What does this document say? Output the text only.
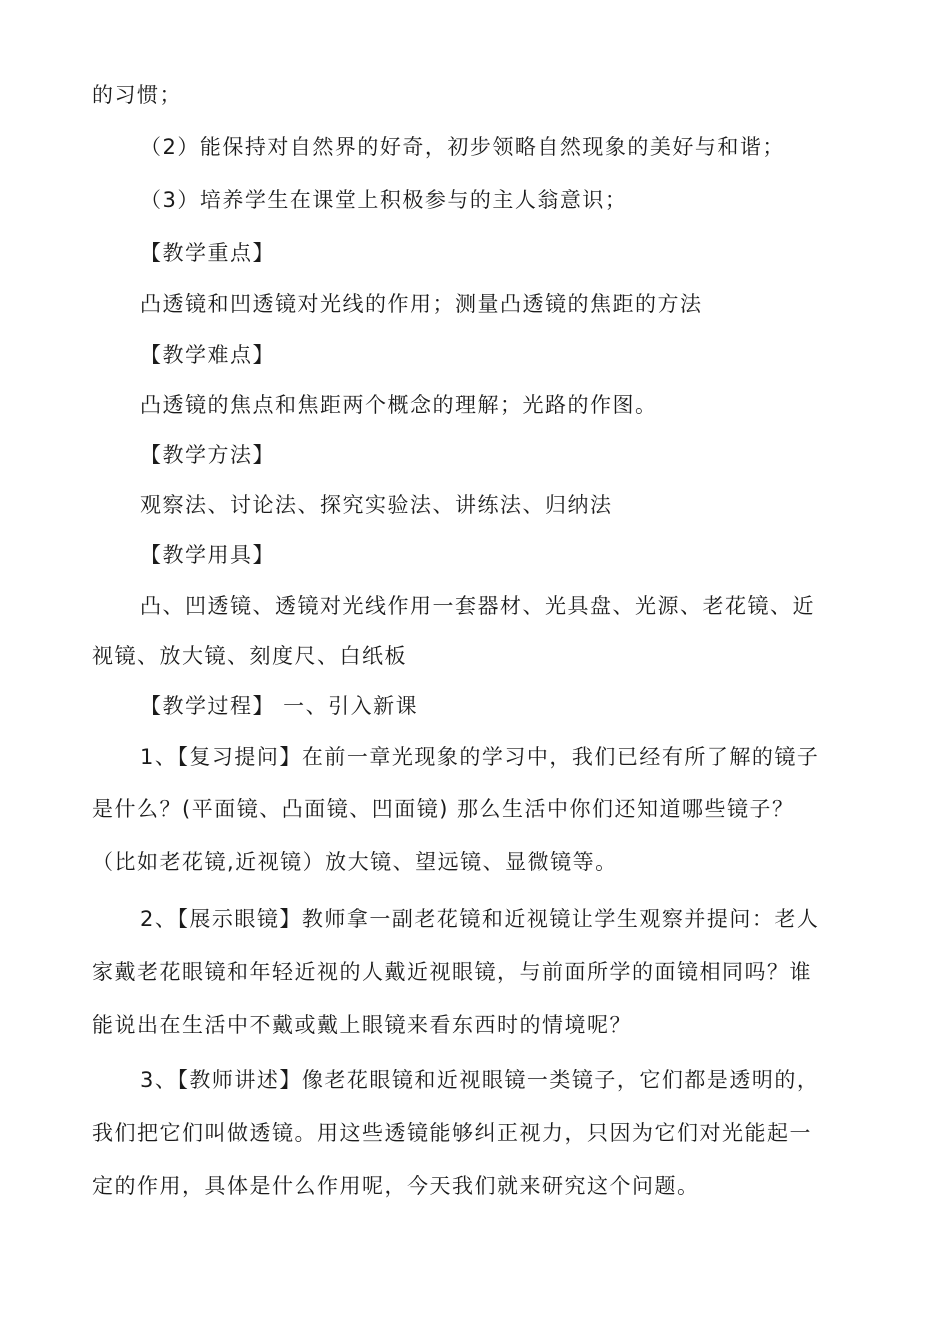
的习惯；
（2）能保持对自然界的好奇，初步领略自然现象的美好与和谐；
（3）培养学生在课堂上积极参与的主人翁意识；
【教学重点】
凸透镜和凹透镜对光线的作用；测量凸透镜的焦距的方法
【教学难点】
凸透镜的焦点和焦距两个概念的理解；光路的作图。
【教学方法】
观察法、讨论法、探究实验法、讲练法、归纳法
【教学用具】
凸、凹透镜、透镜对光线作用一套器材、光具盘、光源、老花镜、近
视镜、放大镜、刻度尺、白纸板
【教学过程】 一、引入新课
1、【复习提问】在前一章光现象的学习中，我们已经有所了解的镜子
是什么？(平面镜、凸面镜、凹面镜) 那么生活中你们还知道哪些镜子？
（比如老花镜,近视镜）放大镜、望远镜、显微镜等。
2、【展示眼镜】教师拿一副老花镜和近视镜让学生观察并提问：老人
家戴老花眼镜和年轻近视的人戴近视眼镜，与前面所学的面镜相同吗？谁
能说出在生活中不戴或戴上眼镜来看东西时的情境呢？
3、【教师讲述】像老花眼镜和近视眼镜一类镜子，它们都是透明的，
我们把它们叫做透镜。用这些透镜能够纠正视力，只因为它们对光能起一
定的作用，具体是什么作用呢，今天我们就来研究这个问题。
